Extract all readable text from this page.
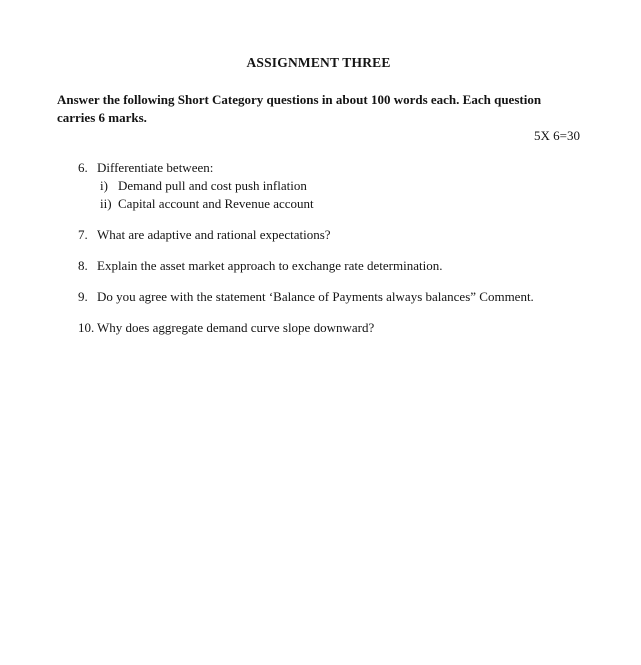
ASSIGNMENT THREE

Answer the following Short Category questions in about 100 words each. Each question carries 6 marks.

5X 6=30
6. Differentiate between:
i) Demand pull and cost push inflation
ii) Capital account and Revenue account
7. What are adaptive and rational expectations?
8. Explain the asset market approach to exchange rate determination.
9. Do you agree with the statement ‘Balance of Payments always balances” Comment.
10. Why does aggregate demand curve slope downward?
